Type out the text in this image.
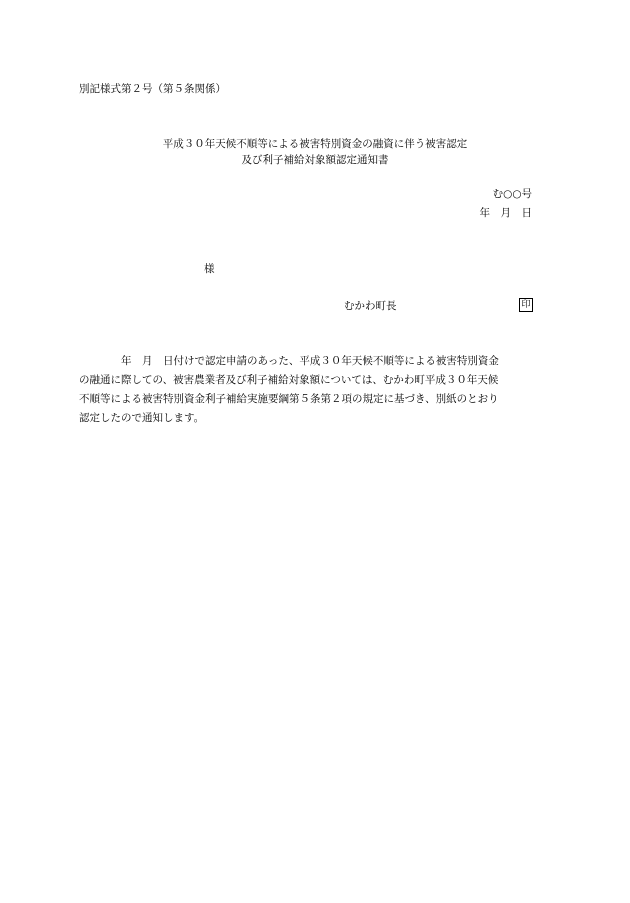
別記様式第２号（第５条関係）
平成３０年天候不順等による被害特別資金の融資に伴う被害認定
及び利子補給対象額認定通知書
む○○号
年　月　日
様
むかわ町長	印
年　月　日付けで認定申請のあった、平成３０年天候不順等による被害特別資金
の融通に際しての、被害農業者及び利子補給対象額については、むかわ町平成３０年天候
不順等による被害特別資金利子補給実施要綱第５条第２項の規定に基づき、別紙のとおり
認定したので通知します。
